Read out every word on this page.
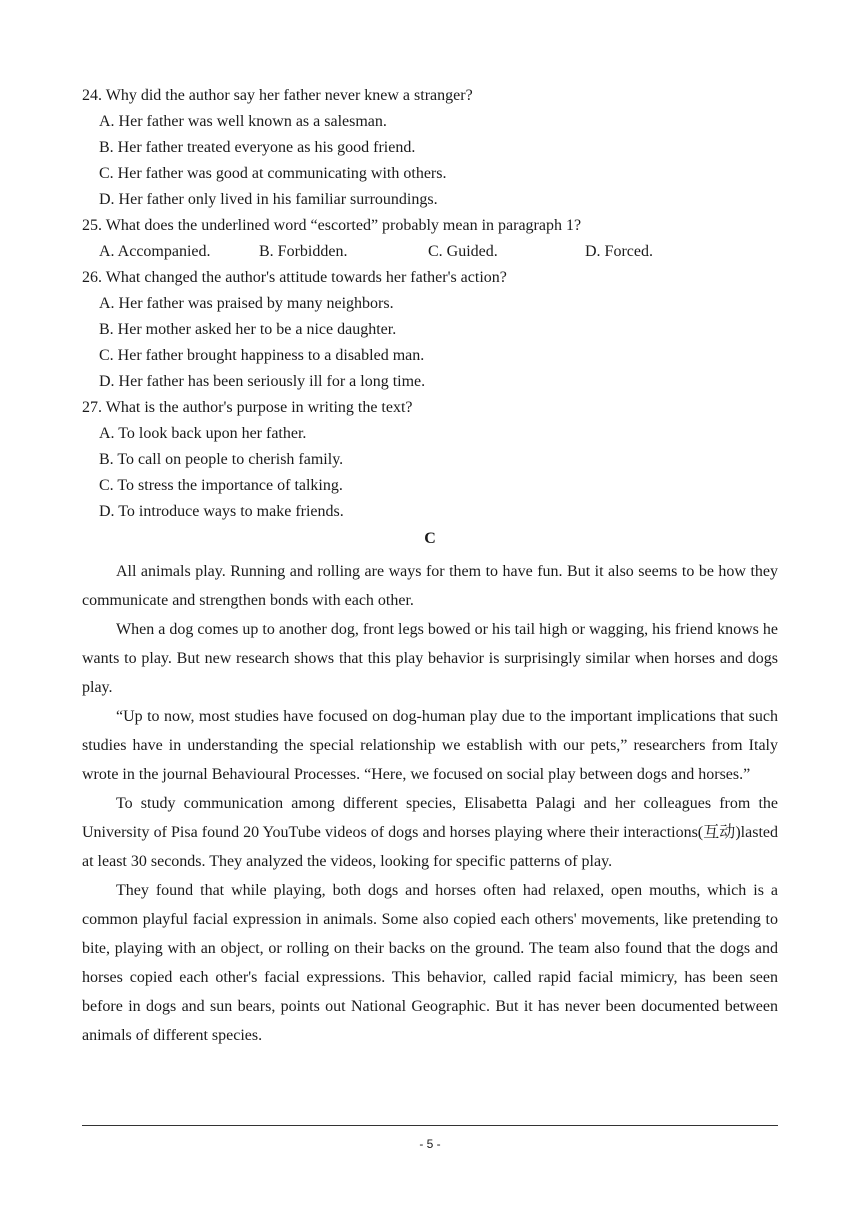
24. Why did the author say her father never knew a stranger?
A. Her father was well known as a salesman.
B. Her father treated everyone as his good friend.
C. Her father was good at communicating with others.
D. Her father only lived in his familiar surroundings.
25. What does the underlined word “escorted” probably mean in paragraph 1?
A. Accompanied.	B. Forbidden.	C. Guided.	D. Forced.
26. What changed the author's attitude towards her father's action?
A. Her father was praised by many neighbors.
B. Her mother asked her to be a nice daughter.
C. Her father brought happiness to a disabled man.
D. Her father has been seriously ill for a long time.
27. What is the author's purpose in writing the text?
A. To look back upon her father.
B. To call on people to cherish family.
C. To stress the importance of talking.
D. To introduce ways to make friends.
C

All animals play. Running and rolling are ways for them to have fun. But it also seems to be how they communicate and strengthen bonds with each other.

When a dog comes up to another dog, front legs bowed or his tail high or wagging, his friend knows he wants to play. But new research shows that this play behavior is surprisingly similar when horses and dogs play.

“Up to now, most studies have focused on dog-human play due to the important implications that such studies have in understanding the special relationship we establish with our pets,” researchers from Italy wrote in the journal Behavioural Processes. “Here, we focused on social play between dogs and horses.”

To study communication among different species, Elisabetta Palagi and her colleagues from the University of Pisa found 20 YouTube videos of dogs and horses playing where their interactions(互动)lasted at least 30 seconds. They analyzed the videos, looking for specific patterns of play.

They found that while playing, both dogs and horses often had relaxed, open mouths, which is a common playful facial expression in animals. Some also copied each others' movements, like pretending to bite, playing with an object, or rolling on their backs on the ground. The team also found that the dogs and horses copied each other's facial expressions. This behavior, called rapid facial mimicry, has been seen before in dogs and sun bears, points out National Geographic. But it has never been documented between animals of different species.

- 5 -
